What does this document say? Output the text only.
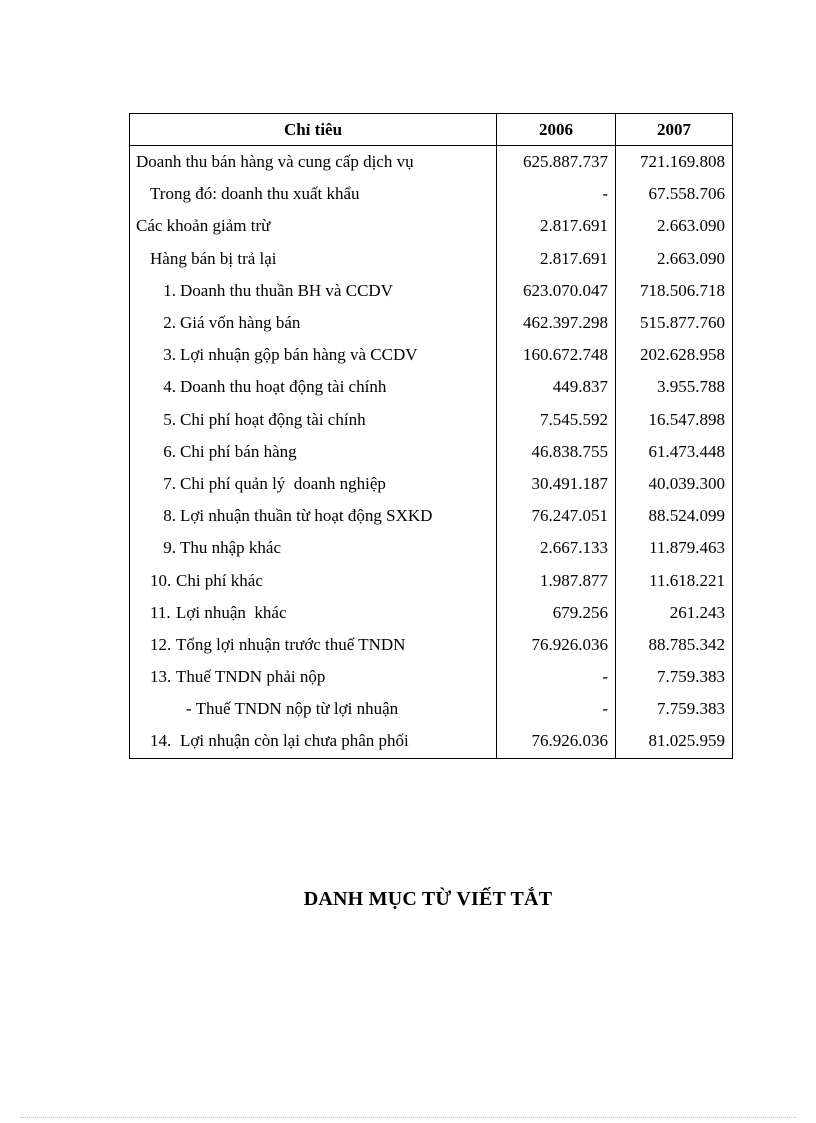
Chỉ tiêu	2006	2007
Doanh thu bán hàng và cung cấp dịch vụ	625.887.737	721.169.808
Trong đó: doanh thu xuất khẩu	-	67.558.706
Các khoản giảm trừ	2.817.691	2.663.090
Hàng bán bị trả lại	2.817.691	2.663.090
1. Doanh thu thuần BH và CCDV	623.070.047	718.506.718
2. Giá vốn hàng bán	462.397.298	515.877.760
3. Lợi nhuận gộp bán hàng và CCDV	160.672.748	202.628.958
4. Doanh thu hoạt động tài chính	449.837	3.955.788
5. Chi phí hoạt động tài chính	7.545.592	16.547.898
6. Chi phí bán hàng	46.838.755	61.473.448
7. Chi phí quản lý  doanh nghiệp	30.491.187	40.039.300
8. Lợi nhuận thuần từ hoạt động SXKD	76.247.051	88.524.099
9. Thu nhập khác	2.667.133	11.879.463
10. Chi phí khác	1.987.877	11.618.221
11. Lợi nhuận  khác	679.256	261.243
12. Tổng lợi nhuận trước thuế TNDN	76.926.036	88.785.342
13. Thuế TNDN phải nộp	-	7.759.383
- Thuế TNDN nộp từ lợi nhuận	-	7.759.383
14. Lợi nhuận còn lại chưa phân phối	76.926.036	81.025.959
DANH MỤC TỪ VIẾT TẮT
